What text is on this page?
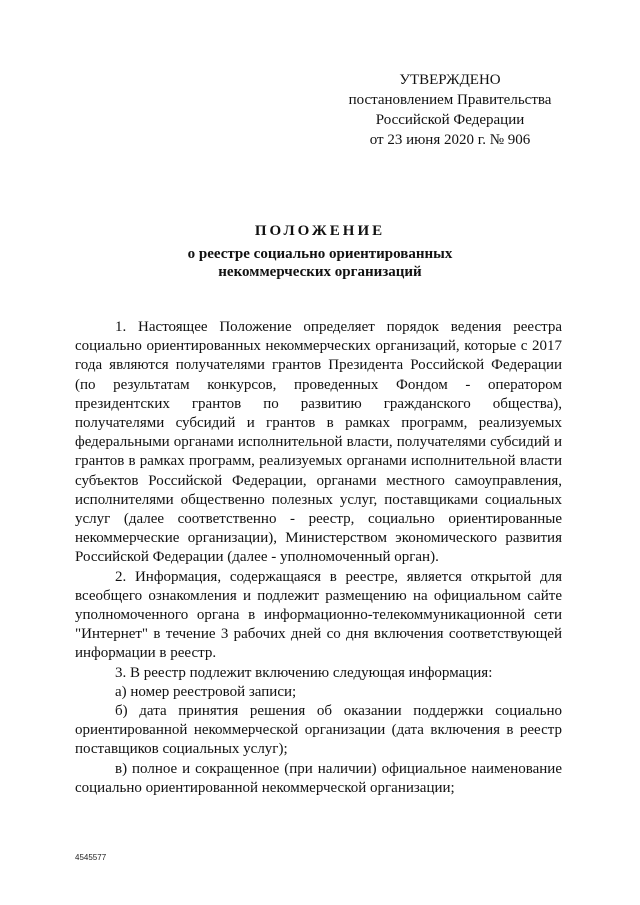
УТВЕРЖДЕНО
постановлением Правительства
Российской Федерации
от 23 июня 2020 г. № 906
ПОЛОЖЕНИЕ
о реестре социально ориентированных
некоммерческих организаций

1. Настоящее Положение определяет порядок ведения реестра социально ориентированных некоммерческих организаций, которые с 2017 года являются получателями грантов Президента Российской Федерации (по результатам конкурсов, проведенных Фондом - оператором президентских грантов по развитию гражданского общества), получателями субсидий и грантов в рамках программ, реализуемых федеральными органами исполнительной власти, получателями субсидий и грантов в рамках программ, реализуемых органами исполнительной власти субъектов Российской Федерации, органами местного самоуправления, исполнителями общественно полезных услуг, поставщиками социальных услуг (далее соответственно - реестр, социально ориентированные некоммерческие организации), Министерством экономического развития Российской Федерации (далее - уполномоченный орган).

2. Информация, содержащаяся в реестре, является открытой для всеобщего ознакомления и подлежит размещению на официальном сайте уполномоченного органа в информационно-телекоммуникационной сети "Интернет" в течение 3 рабочих дней со дня включения соответствующей информации в реестр.

3. В реестр подлежит включению следующая информация:

а) номер реестровой записи;

б) дата принятия решения об оказании поддержки социально ориентированной некоммерческой организации (дата включения в реестр поставщиков социальных услуг);

в) полное и сокращенное (при наличии) официальное наименование социально ориентированной некоммерческой организации;

4545577
